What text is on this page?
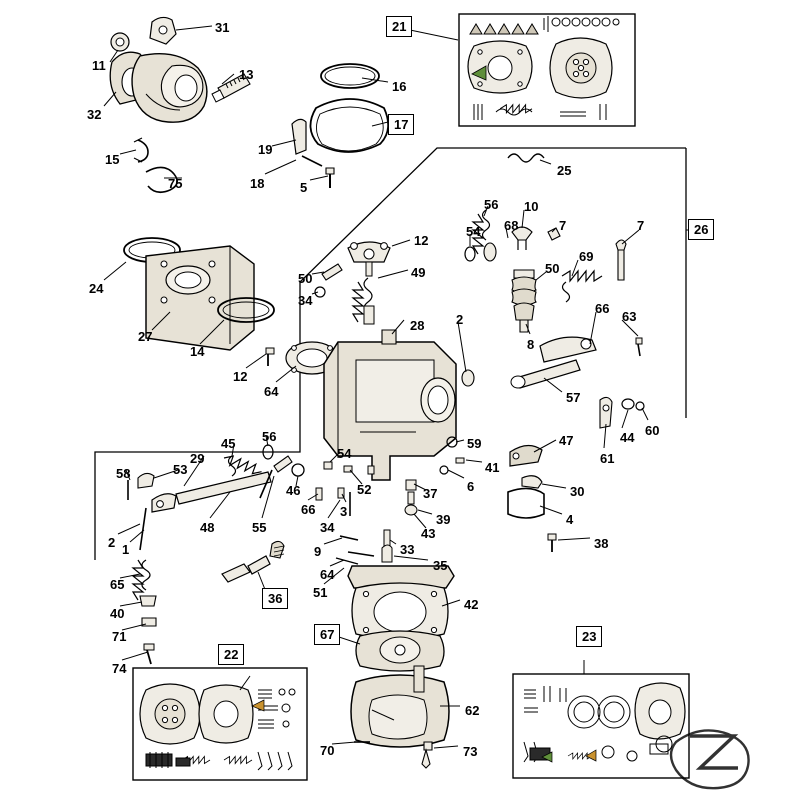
21
22
23
26
31
11
13
16
32
17
19
15
18
75	5
25
56 10
54 68	7	7
24
12
49	50
69
50
34
66
63
8
28 2
27
14
12
64	57
44 60
61
59	47
45 56
54
41
29
53
58
6	30
46
66
52
3
37
4
48	55	34
39
43
2 1	9	33	38
64
35
65
51
36
40
42
71	67
74
62
70	73
